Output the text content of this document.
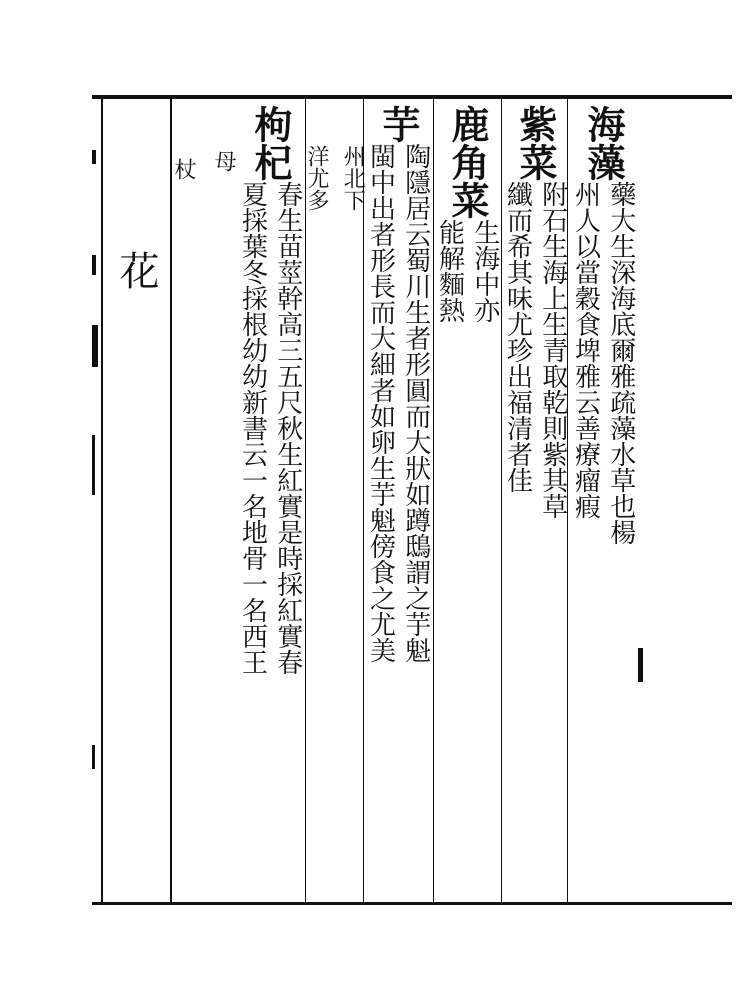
花
海藻
藥大生深海底爾雅疏藻水草也楊
州人以當穀食埤雅云善療瘤瘕
紫菜
附石生海上生青取乾則紫其草
纖而希其味尤珍出福清者佳
鹿角菜
生海中亦
能解麵熱
芋
陶隱居云蜀川生者形圓而大狀如蹲鴟謂之芋魁
閩中出者形長而大細者如卵生芋魁傍食之尤美
州北下
洋尤多
枸杞
春生苗莖幹高三五尺秋生紅實是時採紅實春
夏採葉冬採根幼幼新書云一名地骨一名西王
母
杖
